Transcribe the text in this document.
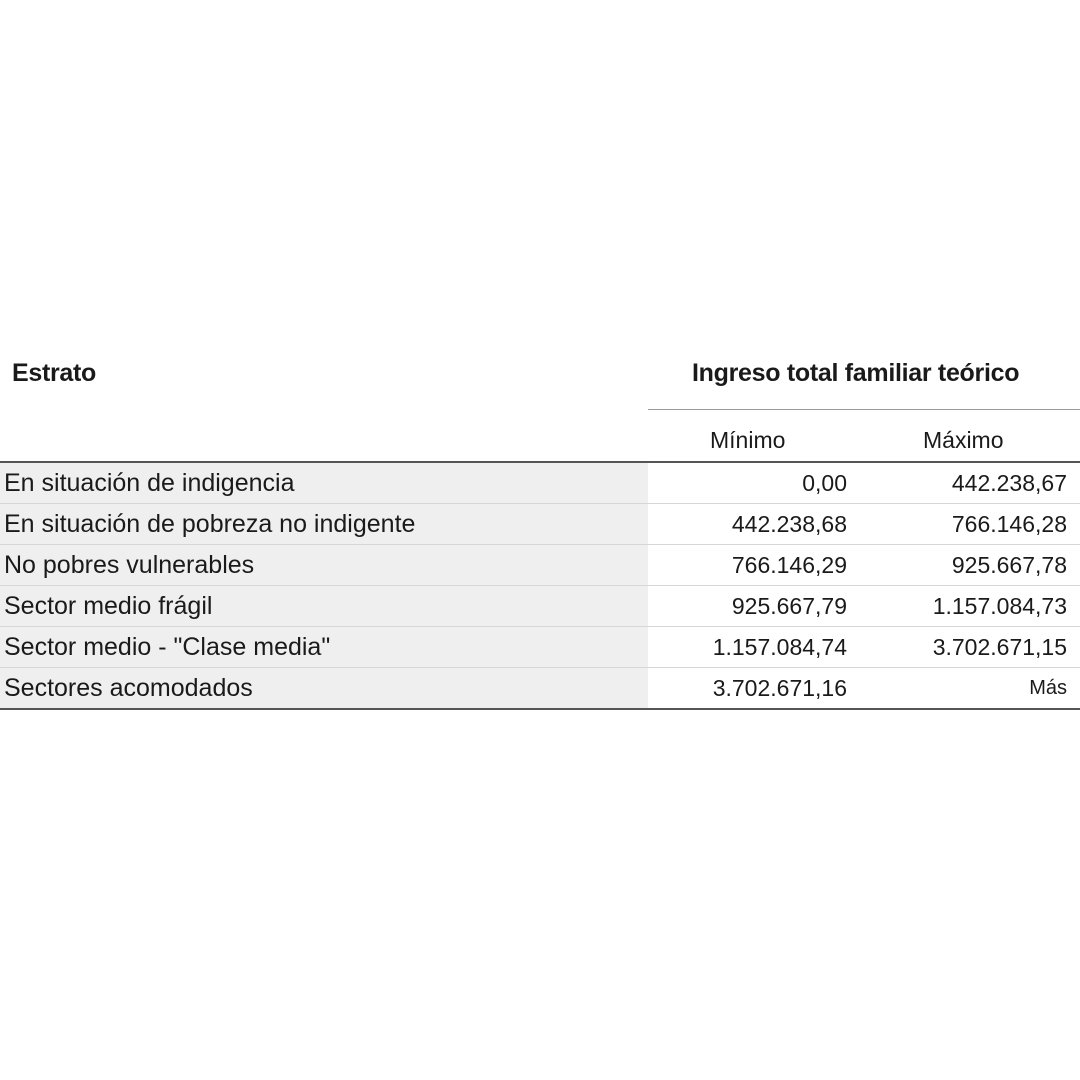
Estrato	Ingreso total familiar teórico
Mínimo	Máximo
En situación de indigencia	0,00	442.238,67
En situación de pobreza no indigente	442.238,68	766.146,28
No pobres vulnerables	766.146,29	925.667,78
Sector medio frágil	925.667,79	1.157.084,73
Sector medio - "Clase media"	1.157.084,74	3.702.671,15
Sectores acomodados	3.702.671,16	Más
